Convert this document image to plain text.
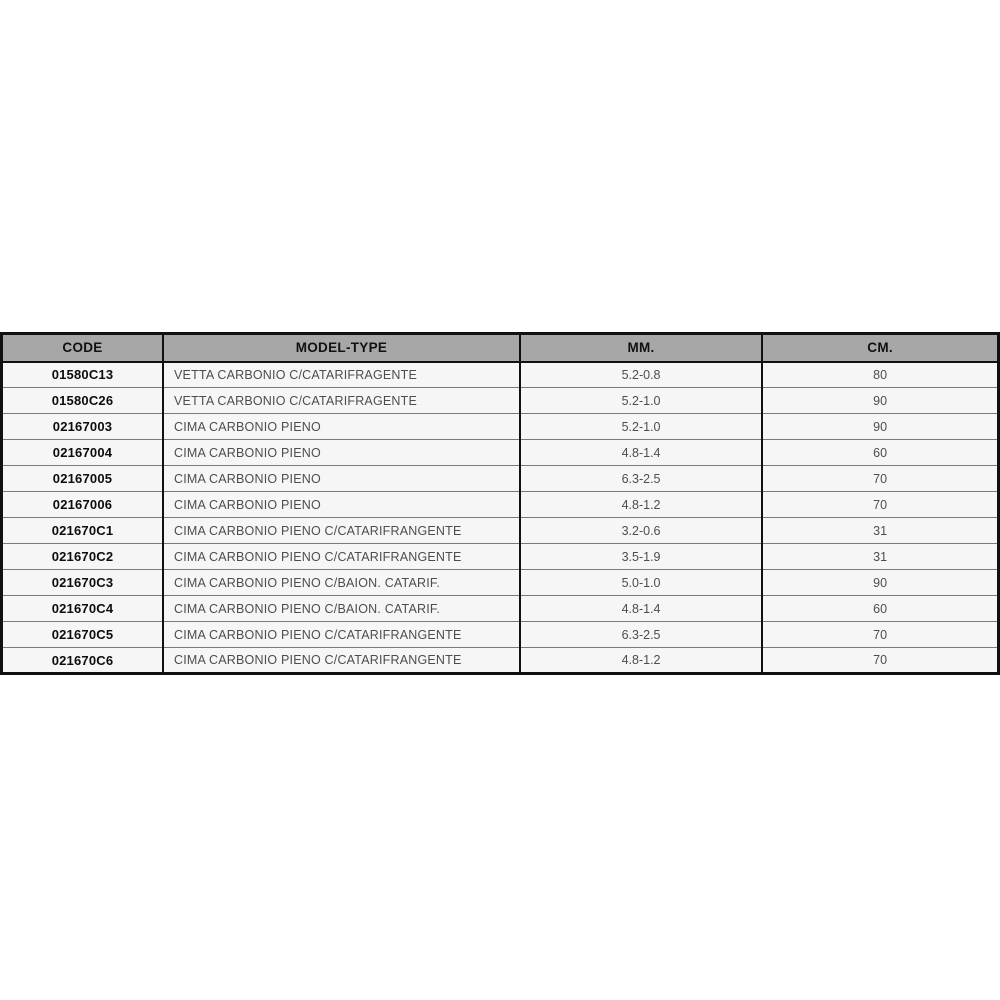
CODE	MODEL-TYPE	MM.	CM.
01580C13	VETTA CARBONIO C/CATARIFRAGENTE	5.2-0.8	80
01580C26	VETTA CARBONIO C/CATARIFRAGENTE	5.2-1.0	90
02167003	CIMA CARBONIO PIENO	5.2-1.0	90
02167004	CIMA CARBONIO PIENO	4.8-1.4	60
02167005	CIMA CARBONIO PIENO	6.3-2.5	70
02167006	CIMA CARBONIO PIENO	4.8-1.2	70
021670C1	CIMA CARBONIO PIENO C/CATARIFRANGENTE	3.2-0.6	31
021670C2	CIMA CARBONIO PIENO C/CATARIFRANGENTE	3.5-1.9	31
021670C3	CIMA CARBONIO PIENO C/BAION. CATARIF.	5.0-1.0	90
021670C4	CIMA CARBONIO PIENO C/BAION. CATARIF.	4.8-1.4	60
021670C5	CIMA CARBONIO PIENO C/CATARIFRANGENTE	6.3-2.5	70
021670C6	CIMA CARBONIO PIENO C/CATARIFRANGENTE	4.8-1.2	70
